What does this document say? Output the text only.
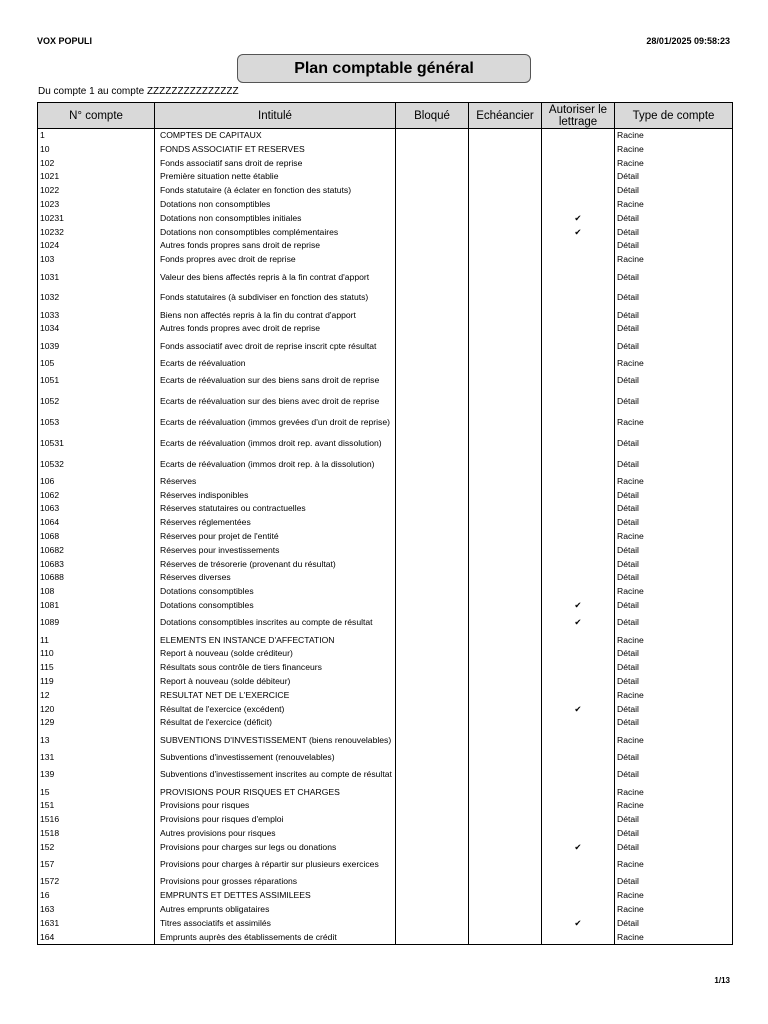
VOX POPULI	28/01/2025 09:58:23
Plan comptable général
Du compte 1 au compte ZZZZZZZZZZZZZZZ
N° compte	Intitulé	Bloqué	Echéancier	Autoriser le lettrage	Type de compte
1	COMPTES DE CAPITAUX				Racine
10	FONDS ASSOCIATIF ET RESERVES				Racine
102	Fonds associatif sans droit de reprise				Racine
1021	Première situation nette établie				Détail
1022	Fonds statutaire (à éclater en fonction des statuts)				Détail
1023	Dotations non consomptibles				Racine
10231	Dotations non consomptibles initiales			✔	Détail
10232	Dotations non consomptibles complémentaires			✔	Détail
1024	Autres fonds propres sans droit de reprise				Détail
103	Fonds propres avec droit de reprise				Racine
1031	Valeur des biens affectés repris à la fin contrat d'apport				Détail
1032	Fonds statutaires (à subdiviser en fonction des statuts)				Détail
1033	Biens non affectés repris à la fin du contrat d'apport				Détail
1034	Autres fonds propres avec droit de reprise				Détail
1039	Fonds associatif avec droit de reprise inscrit cpte résultat				Détail
105	Ecarts de réévaluation				Racine
1051	Ecarts de réévaluation sur des biens sans droit de reprise				Détail
1052	Ecarts de réévaluation sur des biens avec droit de reprise				Détail
1053	Ecarts de réévaluation (immos grevées d'un droit de reprise)				Racine
10531	Ecarts de réévaluation (immos droit rep. avant dissolution)				Détail
10532	Ecarts de réévaluation (immos droit rep. à la dissolution)				Détail
106	Réserves				Racine
1062	Réserves indisponibles				Détail
1063	Réserves statutaires ou contractuelles				Détail
1064	Réserves réglementées				Détail
1068	Réserves pour projet de l'entité				Racine
10682	Réserves pour investissements				Détail
10683	Réserves de trésorerie (provenant du résultat)				Détail
10688	Réserves diverses				Détail
108	Dotations consomptibles				Racine
1081	Dotations consomptibles			✔	Détail
1089	Dotations consomptibles inscrites au compte de résultat			✔	Détail
11	ELEMENTS EN INSTANCE D'AFFECTATION				Racine
110	Report à nouveau (solde créditeur)				Détail
115	Résultats sous contrôle de tiers financeurs				Détail
119	Report à nouveau (solde débiteur)				Détail
12	RESULTAT NET DE L'EXERCICE				Racine
120	Résultat de l'exercice (excédent)			✔	Détail
129	Résultat de l'exercice (déficit)				Détail
13	SUBVENTIONS D'INVESTISSEMENT (biens renouvelables)				Racine
131	Subventions d'investissement (renouvelables)				Détail
139	Subventions d'investissement inscrites au compte de résultat				Détail
15	PROVISIONS POUR RISQUES ET CHARGES				Racine
151	Provisions pour risques				Racine
1516	Provisions pour risques d'emploi				Détail
1518	Autres provisions pour risques				Détail
152	Provisions pour charges sur legs ou donations			✔	Détail
157	Provisions pour charges à répartir sur plusieurs exercices				Racine
1572	Provisions pour grosses réparations				Détail
16	EMPRUNTS ET DETTES ASSIMILEES				Racine
163	Autres emprunts obligataires				Racine
1631	Titres associatifs et assimilés			✔	Détail
164	Emprunts auprès des établissements de crédit				Racine
1/13
